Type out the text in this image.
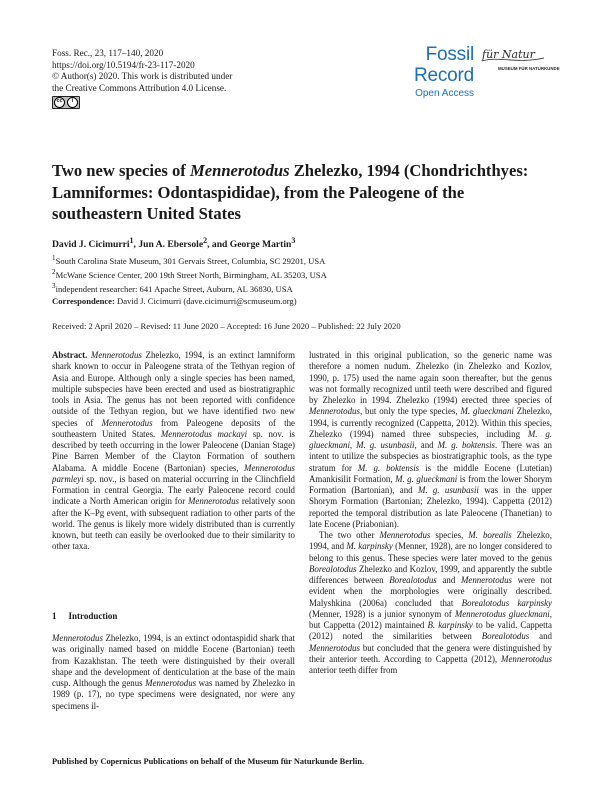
Foss. Rec., 23, 117–140, 2020
https://doi.org/10.5194/fr-23-117-2020
© Author(s) 2020. This work is distributed under
the Creative Commons Attribution 4.0 License.
cc	i
Fossil Record
Open Access
für Natur
MUSEUM FÜR NATURKUNDE
Two new species of Mennerotodus Zhelezko, 1994 (Chondrichthyes: Lamniformes: Odontaspididae), from the Paleogene of the southeastern United States
David J. Cicimurri$^1$, Jun A. Ebersole$^2$, and George Martin$^3$
$^1$South Carolina State Museum, 301 Gervais Street, Columbia, SC 29201, USA
$^2$McWane Science Center, 200 19th Street North, Birmingham, AL 35203, USA
$^3$independent researcher: 641 Apache Street, Auburn, AL 36830, USA
Correspondence: David J. Cicimurri (dave.cicimurri@scmuseum.org)
Received: 2 April 2020 – Revised: 11 June 2020 – Accepted: 16 June 2020 – Published: 22 July 2020

Abstract. Mennerotodus Zhelezko, 1994, is an extinct lamniform shark known to occur in Paleogene strata of the Tethyan region of Asia and Europe. Although only a single species has been named, multiple subspecies have been erected and used as biostratigraphic tools in Asia. The genus has not been reported with confidence outside of the Tethyan region, but we have identified two new species of Mennerotodus from Paleogene deposits of the southeastern United States. Mennerotodus mackayi sp. nov. is described by teeth occurring in the lower Paleocene (Danian Stage) Pine Barren Member of the Clayton Formation of southern Alabama. A middle Eocene (Bartonian) species, Mennerotodus parmleyi sp. nov., is based on material occurring in the Clinchfield Formation in central Georgia. The early Paleocene record could indicate a North American origin for Mennerotodus relatively soon after the K–Pg event, with subsequent radiation to other parts of the world. The genus is likely more widely distributed than is currently known, but teeth can easily be overlooked due to their similarity to other taxa.

1 Introduction

Mennerotodus Zhelezko, 1994, is an extinct odontaspidid shark that was originally named based on middle Eocene (Bartonian) teeth from Kazakhstan. The teeth were distinguished by their overall shape and the development of denticulation at the base of the main cusp. Although the genus Mennerotodus was named by Zhelezko in 1989 (p. 17), no type specimens were designated, nor were any specimens il-

lustrated in this original publication, so the generic name was therefore a nomen nudum. Zhelezko (in Zhelezko and Kozlov, 1990, p. 175) used the name again soon thereafter, but the genus was not formally recognized until teeth were described and figured by Zhelezko in 1994. Zhelezko (1994) erected three species of Mennerotodus, but only the type species, M. glueckmani Zhelezko, 1994, is currently recognized (Cappetta, 2012). Within this species, Zhelezko (1994) named three subspecies, including M. g. glueckmani, M. g. usunbasii, and M. g. boktensis. There was an intent to utilize the subspecies as biostratigraphic tools, as the type stratum for M. g. boktensis is the middle Eocene (Lutetian) Amankisilit Formation, M. g. glueckmani is from the lower Shorym Formation (Bartonian), and M. g. usunbasii was in the upper Shorym Formation (Bartonian; Zhelezko, 1994). Cappetta (2012) reported the temporal distribution as late Paleocene (Thanetian) to late Eocene (Priabonian).

The two other Mennerotodus species, M. borealis Zhelezko, 1994, and M. karpinsky (Menner, 1928), are no longer considered to belong to this genus. These species were later moved to the genus Borealotodus Zhelezko and Kozlov, 1999, and apparently the subtle differences between Borealotodus and Mennerotodus were not evident when the morphologies were originally described. Malyshkina (2006a) concluded that Borealotodus karpinsky (Menner, 1928) is a junior synonym of Mennerotodus glueckmani, but Cappetta (2012) maintained B. karpinsky to be valid. Cappetta (2012) noted the similarities between Borealotodus and Mennerotodus but concluded that the genera were distinguished by their anterior teeth. According to Cappetta (2012), Mennerotodus anterior teeth differ from

Published by Copernicus Publications on behalf of the Museum für Naturkunde Berlin.
